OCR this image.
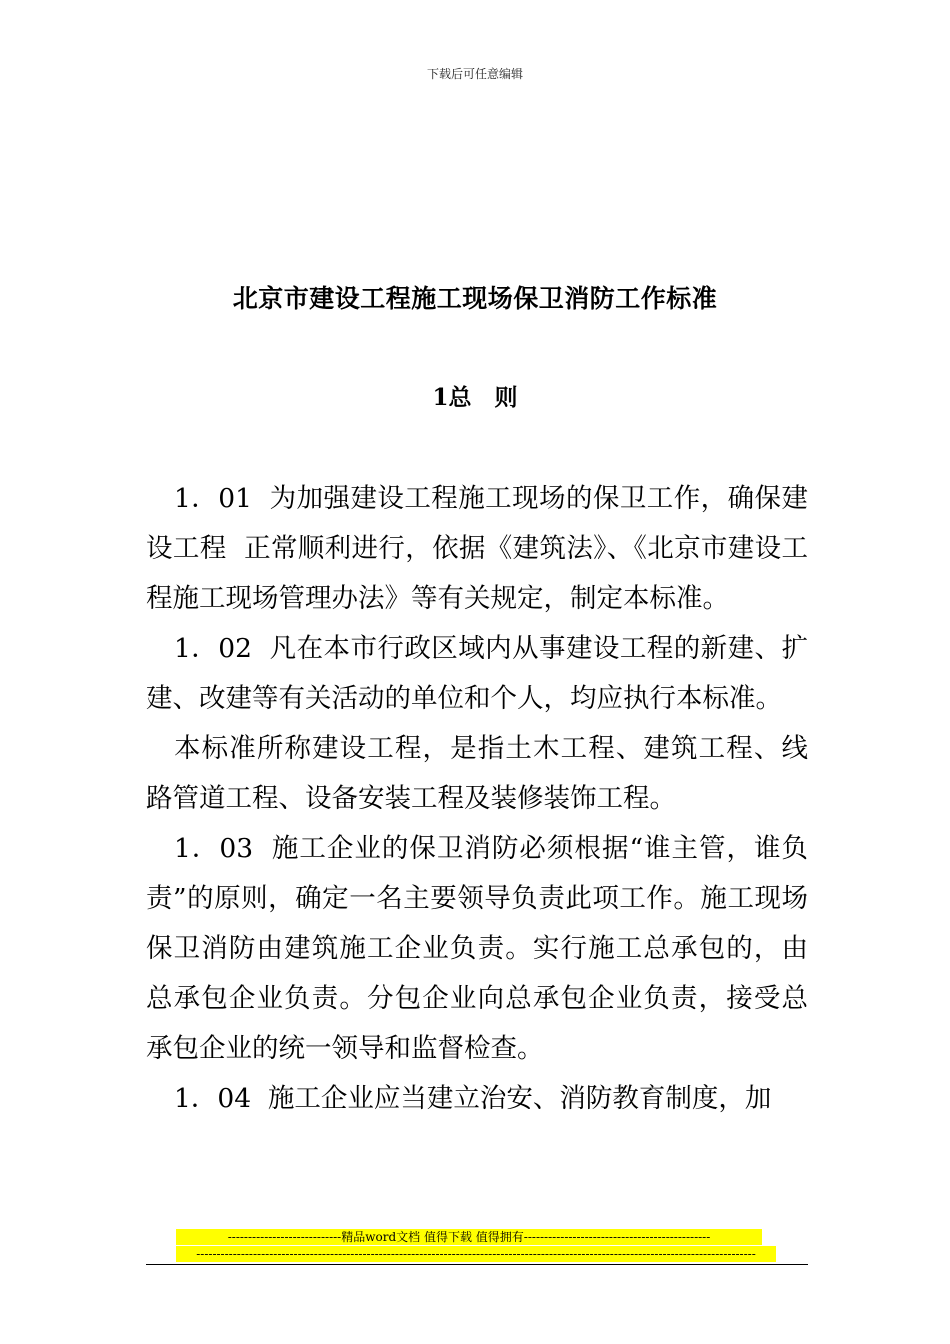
下载后可任意编辑
北京市建设工程施工现场保卫消防工作标准
1总　则

1．01  为加强建设工程施工现场的保卫工作，确保建设工程  正常顺利进行，依据《建筑法》、《北京市建设工程施工现场管理办法》等有关规定，制定本标准。

1．02  凡在本市行政区域内从事建设工程的新建、扩建、改建等有关活动的单位和个人，均应执行本标准。

本标准所称建设工程，是指土木工程、建筑工程、线路管道工程、设备安装工程及装修装饰工程。

1．03  施工企业的保卫消防必须根据“谁主管，谁负责”的原则，确定一名主要领导负责此项工作。施工现场保卫消防由建筑施工企业负责。实行施工总承包的，由总承包企业负责。分包企业向总承包企业负责，接受总承包企业的统一领导和监督检查。

1．04  施工企业应当建立治安、消防教育制度，加

----------------------------精品word文档 值得下载 值得拥有----------------------------------------------
------------------------------------------------------------------------------------------------------------------------------------------
